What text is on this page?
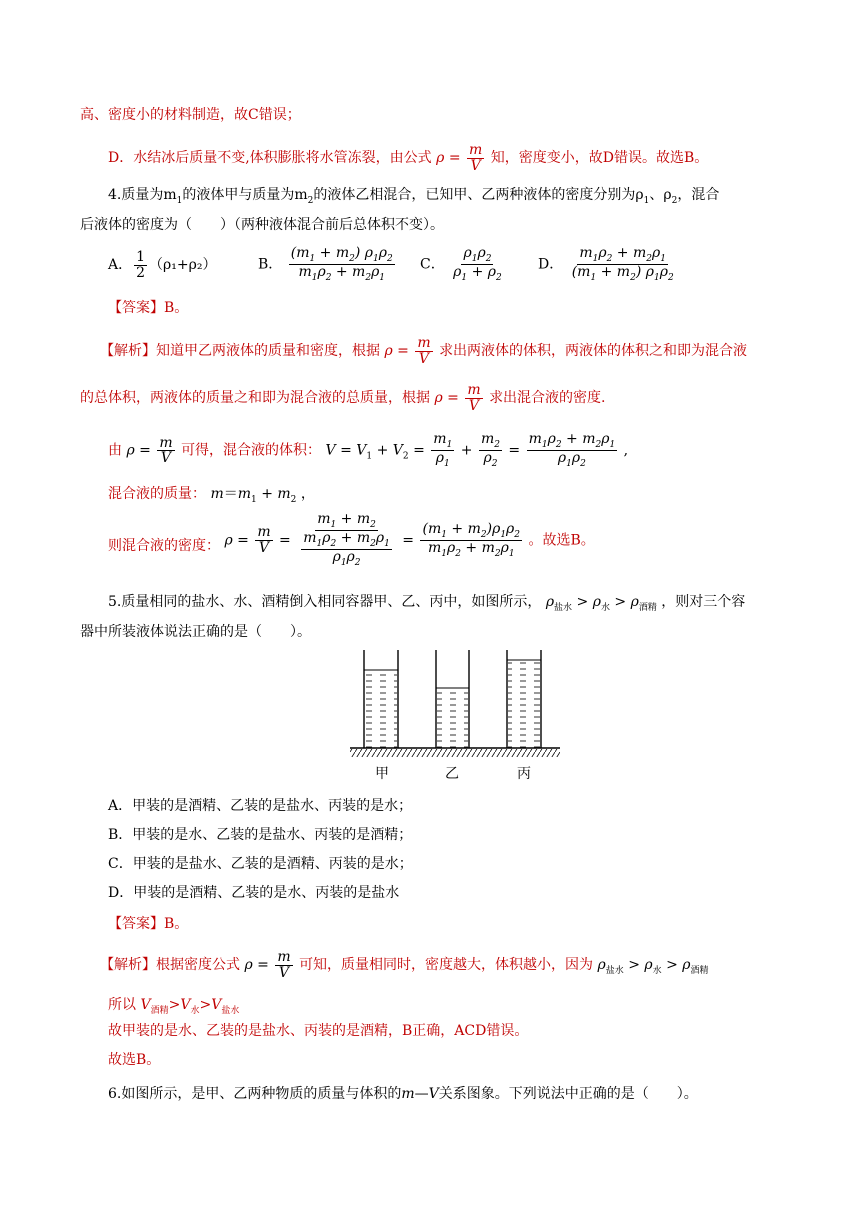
高、密度小的材料制造，故C错误；
D．水结冰后质量不变,体积膨胀将水管冻裂，由公式 $\rho = \frac{m}{V}$ 知，密度变小，故D错误。故选B。
4.质量为$m_1$的液体甲与质量为$m_2$的液体乙相混合，已知甲、乙两种液体的密度分别为$\rho_1$、$\rho_2$，混合
后液体的密度为（　　）（两种液体混合前后总体积不变）。
A． $\frac{1}{2} (\rho_1+\rho_2)$	B． $\frac{(m_1 + m_2) \rho_1\rho_2}{m_1\rho_2 + m_2\rho_1}$ C． $\frac{\rho_1\rho_2}{\rho_1 + \rho_2}$ D． $\frac{m_1\rho_2 + m_2\rho_1}{(m_1 + m_2) \rho_1\rho_2}$
【答案】B。
【解析】知道甲乙两液体的质量和密度，根据 $\rho = \frac{m}{V}$ 求出两液体的体积，两液体的体积之和即为混合液
的总体积，两液体的质量之和即为混合液的总质量，根据 $\rho = \frac{m}{V}$ 求出混合液的密度.
由 $\rho = \frac{m}{V}$ 可得，混合液的体积： $V = V_1 + V_2 = \frac{m_1}{\rho_1} + \frac{m_2}{\rho_2} = \frac{m_1\rho_2 + m_2\rho_1}{\rho_1\rho_2}$ ,
混合液的质量： $m=m_1 + m_2$ ，
则混合液的密度： $\rho = \frac{m}{V} = \frac{m_1 + m_2}{\frac{m_1\rho_2 + m_2\rho_1}{\rho_1\rho_2}} = \frac{(m_1 + m_2)\rho_1\rho_2}{m_1\rho_2 + m_2\rho_1}$ 。故选B。
5.质量相同的盐水、水、酒精倒入相同容器甲、乙、丙中，如图所示， $\rho_{盐水} > \rho_水 > \rho_{酒精}$ ，则对三个容
器中所装液体说法正确的是（　　）。
甲	乙	丙
A．甲装的是酒精、乙装的是盐水、丙装的是水；
B．甲装的是水、乙装的是盐水、丙装的是酒精；
C．甲装的是盐水、乙装的是酒精、丙装的是水；
D．甲装的是酒精、乙装的是水、丙装的是盐水
【答案】B。
【解析】根据密度公式 $\rho = \frac{m}{V}$ 可知，质量相同时，密度越大，体积越小，因为 $\rho_{盐水} > \rho_水 > \rho_{酒精}$
所以 $V_{酒精}>V_水>V_{盐水}$
故甲装的是水、乙装的是盐水、丙装的是酒精，B正确，ACD错误。
故选B。
6.如图所示，是甲、乙两种物质的质量与体积的m—V关系图象。下列说法中正确的是（　　）。
